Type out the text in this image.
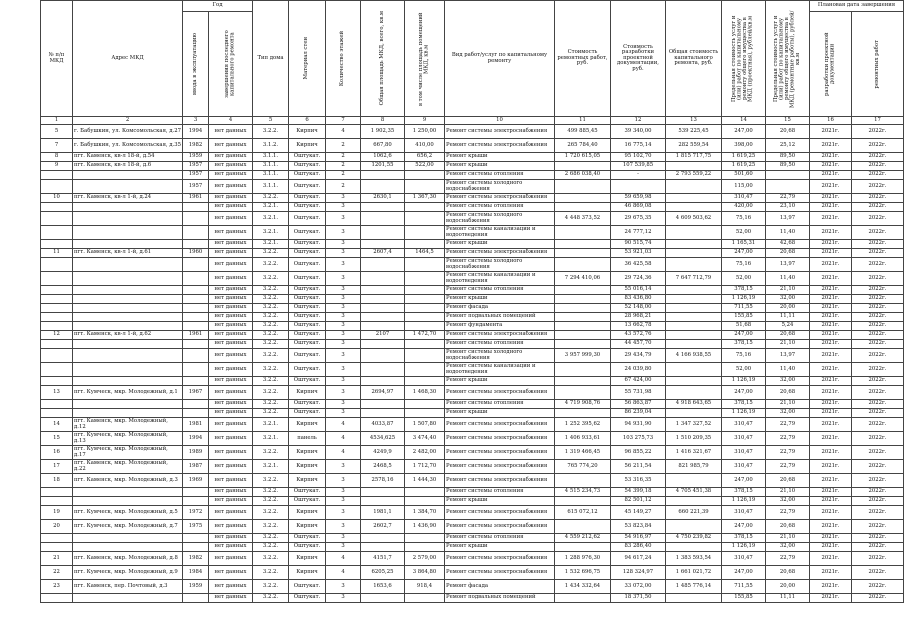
№ п/п МКД	Адрес МКД	Год		Тип дома	Материал стен	Количество этажей	Общая площадь МКД, всего, кв.м	в том числе площадь помещений МКД, кв.м	Вид работ/услуг по капитальному ремонту	Стоимость ремонтных работ, руб.	Стоимость разработки проектной документации, руб.	Общая стоимость капитального ремонта, руб.	Предельная стоимость услуг и (или) работ по капитальному ремонту общего имущества в МКД (проектная), рублей/кв.м	Предельная стоимость услуг и (или) работ по капитальному ремонту общего имущества в МКД (ремонтные работы), рублей/кв.м	Плановая дата завершения	

		ввода в эксплуатацию	завершения последнего капитального ремонта												разработки проектной документации	ремонтных работ

1	2	3	4	5	6	7	8	9	10	11	12	13	14	15	16	17
5	г. Бабушкин, ул. Комсомольская, д.27	1994	нет данных	3.2.2.	Кирпич	4	1 902,35	1 250,00	Ремонт системы электроснабжения	499 885,45	39 340,00	539 225,45	247,00	20,68	2021г.	2022г.
7	г. Бабушкин, ул. Комсомольская, д.35	1982	нет данных	3.1.2.	Кирпич	2	667,80	410,00	Ремонт системы электроснабжения	265 784,40	16 775,14	282 559,54	398,00	25,12	2021г.	2022г.
8	пгт. Каменск, кв-л 18-й, д.54	1959	нет данных	3.1.1.	Оштукат.	2	1062,6	656,2	Ремонт крыши	1 720 615,05	95 102,70	1 815 717,75	1 619,25	89,50	2021г.	2022г.
9	пгт. Каменск, кв-л 18-й, д.6	1957	нет данных	3.1.1.	Оштукат.	2	1201,55	522,00	Ремонт крыши		107 539,85		1 619,25	89,50	2021г.	2022г.
		1957	нет данных	3.1.1.	Оштукат.	2			Ремонт системы отопления	2 686 038,40	-	2 793 559,22	501,60		2021г.	2022г.
		1957	нет данных	3.1.1.	Оштукат.	2			Ремонт системы холодного водоснабжения				115,00		2021г.	2022г.
10	пгт. Каменск, кв-л 1-й, д.24	1961	нет данных	3.2.2.	Оштукат.	3	2630,1	1 367,30	Ремонт системы электроснабжения		59 659,98		310,47	22,79	2021г.	2022г.
			нет данных	3.2.1.	Оштукат.	3			Ремонт системы отопления		46 869,08		420,00	23,10	2021г.	2022г.
			нет данных	3.2.1.	Оштукат.	3			Ремонт системы холодного водоснабжения	4 448 373,52	29 675,35	4 609 503,62	75,16	13,97	2021г.	2022г.
			нет данных	3.2.1.	Оштукат.	3			Ремонт системы канализации и водоотведения		24 777,12		52,00	11,40	2021г.	2022г.
			нет данных	3.2.1.	Оштукат.	3			Ремонт крыши		90 515,74		1 165,31	42,68	2021г.	2022г.
11	пгт. Каменск, кв-л 1-й, д.61	1960	нет данных	3.2.2.	Оштукат.	3	2607,4	1464,5	Ремонт системы электроснабжения		53 921,03		247,00	20,68	2021г.	2022г.
			нет данных	3.2.2.	Оштукат.	3			Ремонт системы холодного водоснабжения		36 425,58		75,16	13,97	2021г.	2022г.
			нет данных	3.2.2.	Оштукат.	3			Ремонт системы канализации и водоотведения	7 294 410,06	29 724,36	7 647 712,79	52,00	11,40	2021г.	2022г.
			нет данных	3.2.2.	Оштукат.	3			Ремонт системы отопления		55 016,14		378,15	21,10	2021г.	2022г.
			нет данных	3.2.2.	Оштукат.	3			Ремонт крыши		83 436,80		1 126,19	32,00	2021г.	2022г.
			нет данных	3.2.2.	Оштукат.	3			Ремонт фасада		52 148,00		711,55	20,00	2021г.	2022г.
			нет данных	3.2.2.	Оштукат.	3			Ремонт подвальных помещений		28 968,21		155,85	11,11	2021г.	2022г.
			нет данных	3.2.2.	Оштукат.	3			Ремонт фундамента		13 662,78		51,68	5,24	2021г.	2022г.
12	пгт. Каменск, кв-л 1-й, д.62	1961	нет данных	3.2.2.	Оштукат.	3	2107	1 472,70	Ремонт системы электроснабжения		43 572,76		247,00	20,68	2021г.	2022г.
			нет данных	3.2.2.	Оштукат.	3			Ремонт системы отопления		44 457,70		378,15	21,10	2021г.	2022г.
			нет данных	3.2.2.	Оштукат.	3			Ремонт системы холодного водоснабжения	3 957 999,30	29 434,79	4 166 938,55	75,16	13,97	2021г.	2022г.
			нет данных	3.2.2.	Оштукат.	3			Ремонт системы канализации и водоотведения		24 039,80		52,00	11,40	2021г.	2022г.
			нет данных	3.2.2.	Оштукат.	3			Ремонт крыши		67 424,00		1 126,19	32,00	2021г.	2022г.
13	пгт. Кумческ, мкр. Молодежный, д.1	1967	нет данных	3.2.2.	Кирпич	3	2694,97	1 468,30	Ремонт системы электроснабжения		55 731,98		247,00	20,68	2021г.	2022г.
			нет данных	3.2.2.	Оштукат.	3			Ремонт системы отопления	4 719 908,76	56 863,87	4 918 643,65	378,15	21,10	2021г.	2022г.
			нет данных	3.2.2.	Оштукат.	3			Ремонт крыши		86 239,04		1 126,19	32,00	2021г.	2022г.
14	пгт. Каменск, мкр. Молодежный, д.12	1981	нет данных	3.2.1.	Кирпич	4	4033,87	1 507,80	Ремонт системы электроснабжения	1 252 395,62	94 931,90	1 347 327,52	310,47	22,79	2021г.	2022г.
15	пгт. Кумческ, мкр. Молодежный, д.13	1994	нет данных	3.2.1.	панель	4	4534,625	3 474,40	Ремонт системы электроснабжения	1 406 933,61	103 275,73	1 510 209,35	310,47	22,79	2021г.	2022г.
16	пгт. Кумческ, мкр. Молодежный, д.17	1989	нет данных	3.2.2.	Кирпич	4	4249,9	2 482,00	Ремонт системы электроснабжения	1 319 466,45	96 855,22	1 416 321,67	310,47	22,79	2021г.	2022г.
17	пгт. Каменск, мкр. Молодежный, д.22	1987	нет данных	3.2.1.	Кирпич	3	2468,5	1 712,70	Ремонт системы электроснабжения	765 774,20	56 211,54	821 985,79	310,47	22,79	2021г.	2022г.
18	пгт. Каменск, мкр. Молодежный, д.3	1969	нет данных	3.2.2.	Кирпич	3	2578,16	1 444,30	Ремонт системы электроснабжения		53 316,35		247,00	20,68	2021г.	2022г.
			нет данных	3.2.2.	Оштукат.	3			Ремонт системы отопления	4 515 234,73	54 399,18	4 705 451,38	378,15	21,10	2021г.	2022г.
			нет данных	3.2.2.	Оштукат.	3			Ремонт крыши		82 501,12		1 126,19	32,00	2021г.	2022г.
19	пгт. Кумческ, мкр. Молодежный, д.5	1972	нет данных	3.2.2.	Кирпич	3	1981,1	1 384,70	Ремонт системы электроснабжения	615 072,12	45 149,27	660 221,39	310,47	22,79	2021г.	2022г.
20	пгт. Кумческ, мкр. Молодежный, д.7	1975	нет данных	3.2.2.	Кирпич	3	2602,7	1 436,90	Ремонт системы электроснабжения		53 823,84		247,00	20,68	2021г.	2022г.
			нет данных	3.2.2.	Оштукат.	3			Ремонт системы отопления	4 559 212,62	54 916,97	4 750 239,82	378,15	21,10	2021г.	2022г.
			нет данных	3.2.2.	Оштукат.	3			Ремонт крыши		83 286,40		1 126,19	32,00	2021г.	2022г.
21	пгт. Каменск, мкр. Молодежный, д.8	1982	нет данных	3.2.2.	Кирпич	4	4151,7	2 579,00	Ремонт системы электроснабжения	1 288 976,30	94 617,24	1 383 593,54	310,47	22,79	2021г.	2022г.
22	пгт. Кумческ, мкр. Молодежный, д.9	1984	нет данных	3.2.2.	Кирпич	4	6205,25	3 864,80	Ремонт системы электроснабжения	1 532 696,75	128 324,97	1 661 021,72	247,00	20,68	2021г.	2022г.
23	пгт. Каменск, пер. Почтовый, д.3	1959	нет данных	3.2.2.	Оштукат.	3	1653,6	918,4	Ремонт фасада	1 434 332,64	33 072,00	1 485 776,14	711,55	20,00	2021г.	2022г.
			нет данных	3.2.2.	Оштукат.	3			Ремонт подвальных помещений		18 371,50		155,85	11,11	2021г.	2022г.
